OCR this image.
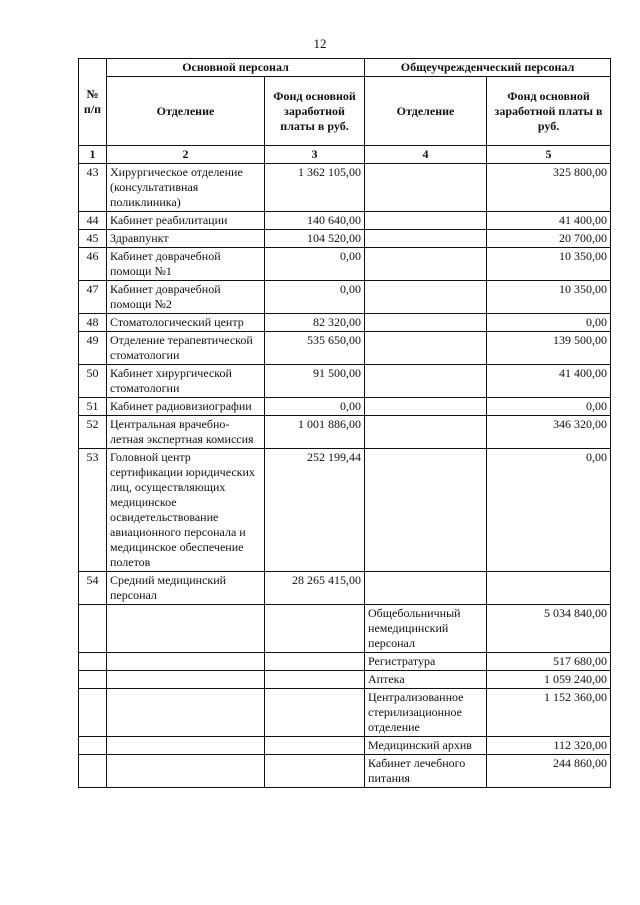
12
№ п/п	Основной персонал		Общеучрежденческий персонал	
	Отделение	Фонд основной заработной платы в руб.	Отделение	Фонд основной заработной платы в руб.
1	2	3	4	5
43	Хирургическое отделение (консультативная поликлиника)	1 362 105,00		325 800,00
44	Кабинет реабилитации	140 640,00		41 400,00
45	Здравпункт	104 520,00		20 700,00
46	Кабинет доврачебной помощи №1	0,00		10 350,00
47	Кабинет доврачебной помощи №2	0,00		10 350,00
48	Стоматологический центр	82 320,00		0,00
49	Отделение терапевтической стоматологии	535 650,00		139 500,00
50	Кабинет хирургической стоматологии	91 500,00		41 400,00
51	Кабинет радиовизиографии	0,00		0,00
52	Центральная врачебно-летная экспертная комиссия	1 001 886,00		346 320,00
53	Головной центр сертификации юридических лиц, осуществляющих медицинское освидетельствование авиационного персонала и медицинское обеспечение полетов	252 199,44		0,00
54	Средний медицинский персонал	28 265 415,00		
			Общебольничный немедицинский персонал	5 034 840,00
			Регистратура	517 680,00
			Аптека	1 059 240,00
			Централизованное стерилизационное отделение	1 152 360,00
			Медицинский архив	112 320,00
			Кабинет лечебного питания	244 860,00
